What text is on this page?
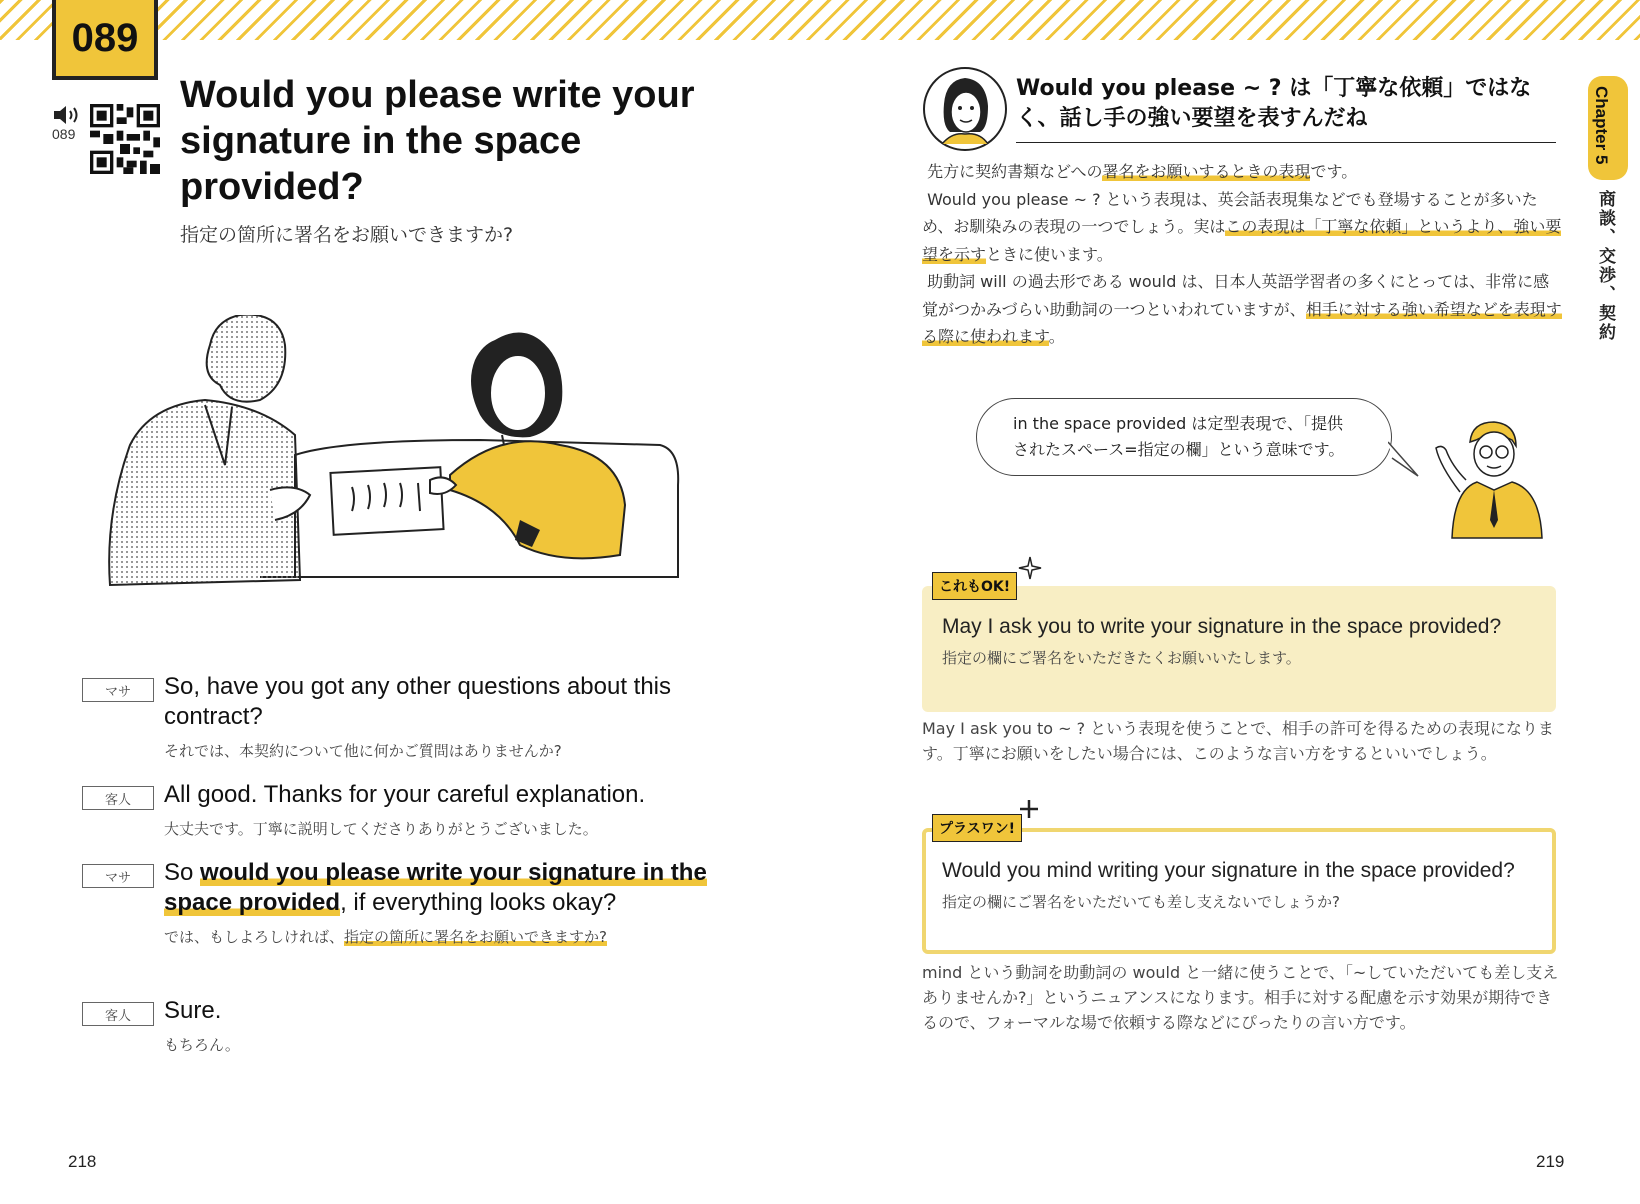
089
089
Would you please write your signature in the space provided?
指定の箇所に署名をお願いできますか?
マサ	So, have you got any other questions about this contract?
それでは、本契約について他に何かご質問はありませんか?
客人	All good. Thanks for your careful explanation.
大丈夫です。丁寧に説明してくださりありがとうございました。
マサ	So would you please write your signature in the space provided, if everything looks okay?
では、もしよろしければ、指定の箇所に署名をお願いできますか?
客人	Sure.
もちろん。
218	219
Would you please ~ ? は「丁寧な依頼」ではなく、話し手の強い要望を表すんだね

先方に契約書類などへの署名をお願いするときの表現です。

Would you please ~ ? という表現は、英会話表現集などでも登場することが多いため、お馴染みの表現の一つでしょう。実はこの表現は「丁寧な依頼」というより、強い要望を示すときに使います。

助動詞 will の過去形である would は、日本人英語学習者の多くにとっては、非常に感覚がつかみづらい助動詞の一つといわれていますが、相手に対する強い希望などを表現する際に使われます。

in the space provided は定型表現で、「提供されたスペース=指定の欄」という意味です。
May I ask you to write your signature in the space provided?
指定の欄にご署名をいただきたくお願いいたします。
これもOK!
May I ask you to ~ ? という表現を使うことで、相手の許可を得るための表現になります。丁寧にお願いをしたい場合には、このような言い方をするといいでしょう。
Would you mind writing your signature in the space provided?
指定の欄にご署名をいただいても差し支えないでしょうか?
プラスワン!
mind という動詞を助動詞の would と一緒に使うことで、「~していただいても差し支えありませんか?」というニュアンスになります。相手に対する配慮を示す効果が期待できるので、フォーマルな場で依頼する際などにぴったりの言い方です。
Chapter 5
商談、交渉、契約
